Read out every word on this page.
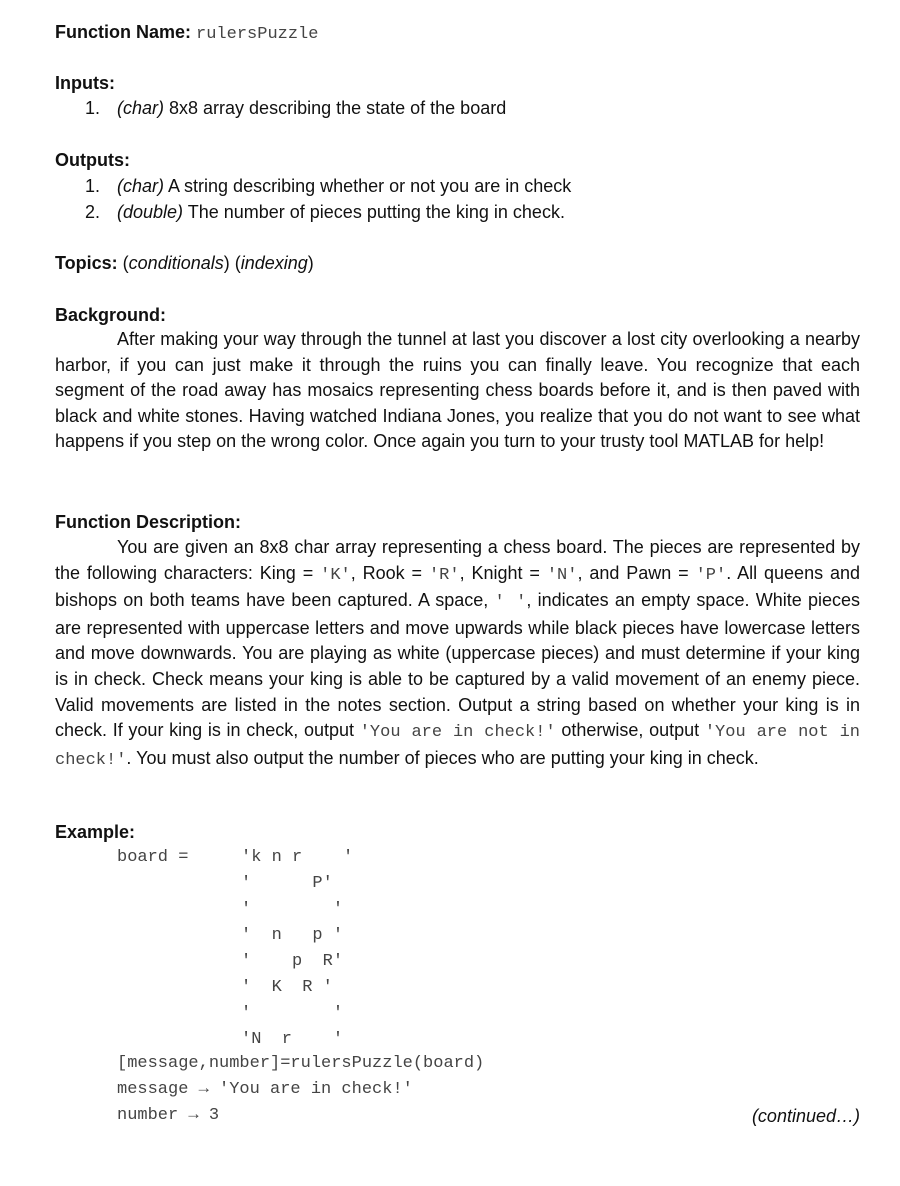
Function Name: rulersPuzzle
Inputs:
1. (char) 8x8 array describing the state of the board
Outputs:
1. (char) A string describing whether or not you are in check
2. (double) The number of pieces putting the king in check.
Topics: (conditionals) (indexing)
Background:

After making your way through the tunnel at last you discover a lost city overlooking a nearby harbor, if you can just make it through the ruins you can finally leave. You recognize that each segment of the road away has mosaics representing chess boards before it, and is then paved with black and white stones. Having watched Indiana Jones, you realize that you do not want to see what happens if you step on the wrong color. Once again you turn to your trusty tool MATLAB for help!

Function Description:

You are given an 8x8 char array representing a chess board. The pieces are represented by the following characters: King = 'K', Rook = 'R', Knight = 'N', and Pawn = 'P'. All queens and bishops on both teams have been captured. A space, ' ', indicates an empty space. White pieces are represented with uppercase letters and move upwards while black pieces have lowercase letters and move downwards. You are playing as white (uppercase pieces) and must determine if your king is in check. Check means your king is able to be captured by a valid movement of an enemy piece. Valid movements are listed in the notes section. Output a string based on whether your king is in check. If your king is in check, output 'You are in check!' otherwise, output 'You are not in check!'. You must also output the number of pieces who are putting your king in check.

Example:
board =	'k n r    '
'      P'
'        '
'  n   p '
'    p  R'
'  K  R '
'        '
'N  r    '
[message,number]=rulersPuzzle(board)
message → 'You are in check!'
number → 3	(continued…)
